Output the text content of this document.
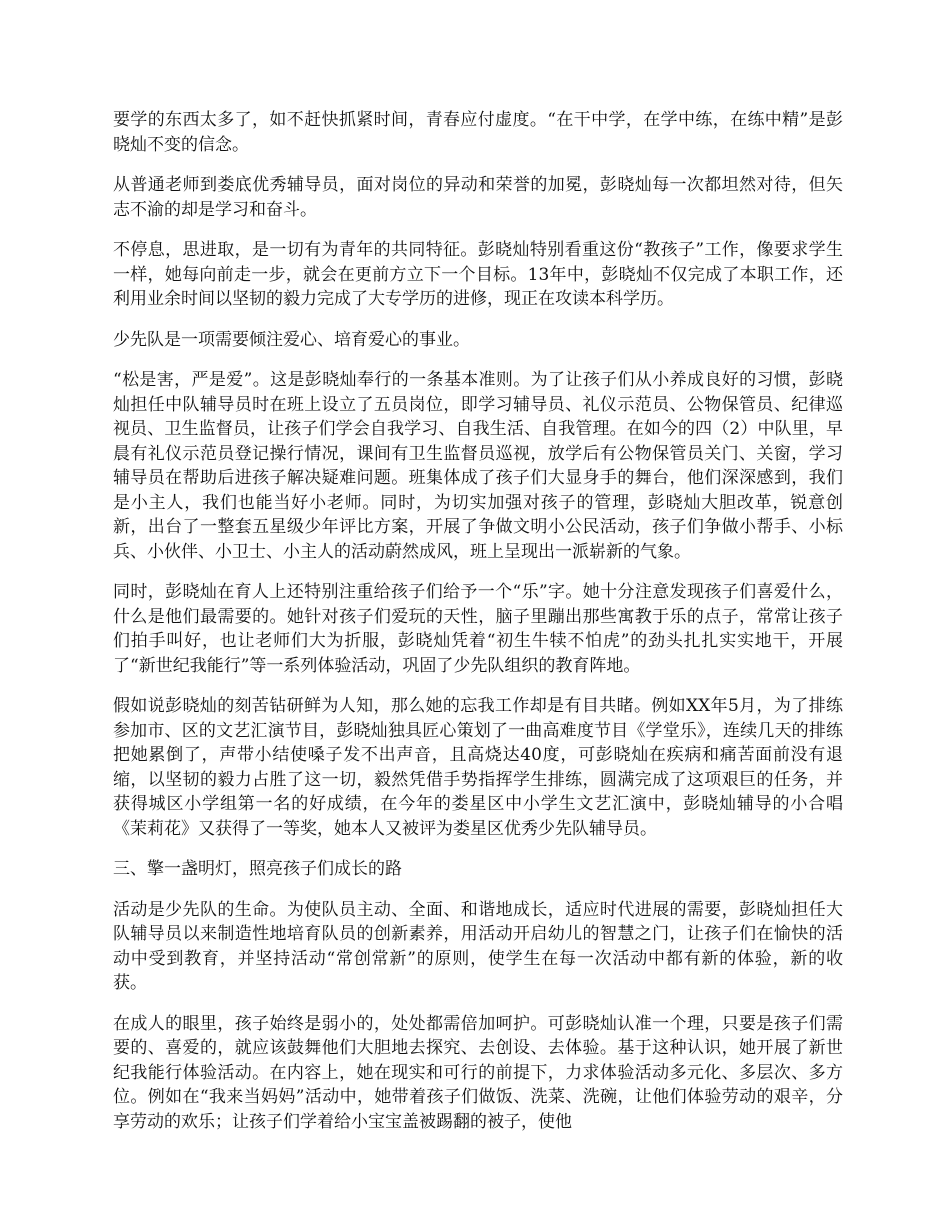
要学的东西太多了，如不赶快抓紧时间，青春应付虚度。“在干中学，在学中练，在练中精”是彭晓灿不变的信念。

从普通老师到娄底优秀辅导员，面对岗位的异动和荣誉的加冕，彭晓灿每一次都坦然对待，但矢志不渝的却是学习和奋斗。

不停息，思进取，是一切有为青年的共同特征。彭晓灿特别看重这份“教孩子”工作，像要求学生一样，她每向前走一步，就会在更前方立下一个目标。13年中，彭晓灿不仅完成了本职工作，还利用业余时间以坚韧的毅力完成了大专学历的进修，现正在攻读本科学历。

少先队是一项需要倾注爱心、培育爱心的事业。

“松是害，严是爱”。这是彭晓灿奉行的一条基本准则。为了让孩子们从小养成良好的习惯，彭晓灿担任中队辅导员时在班上设立了五员岗位，即学习辅导员、礼仪示范员、公物保管员、纪律巡视员、卫生监督员，让孩子们学会自我学习、自我生活、自我管理。在如今的四（2）中队里，早晨有礼仪示范员登记操行情况，课间有卫生监督员巡视，放学后有公物保管员关门、关窗，学习辅导员在帮助后进孩子解决疑难问题。班集体成了孩子们大显身手的舞台，他们深深感到，我们是小主人，我们也能当好小老师。同时，为切实加强对孩子的管理，彭晓灿大胆改革，锐意创新，出台了一整套五星级少年评比方案，开展了争做文明小公民活动，孩子们争做小帮手、小标兵、小伙伴、小卫士、小主人的活动蔚然成风，班上呈现出一派崭新的气象。

同时，彭晓灿在育人上还特别注重给孩子们给予一个“乐”字。她十分注意发现孩子们喜爱什么，什么是他们最需要的。她针对孩子们爱玩的天性，脑子里蹦出那些寓教于乐的点子，常常让孩子们拍手叫好，也让老师们大为折服，彭晓灿凭着“初生牛犊不怕虎”的劲头扎扎实实地干，开展了“新世纪我能行”等一系列体验活动，巩固了少先队组织的教育阵地。

假如说彭晓灿的刻苦钻研鲜为人知，那么她的忘我工作却是有目共睹。例如XX年5月，为了排练参加市、区的文艺汇演节目，彭晓灿独具匠心策划了一曲高难度节目《学堂乐》，连续几天的排练把她累倒了，声带小结使嗓子发不出声音，且高烧达40度，可彭晓灿在疾病和痛苦面前没有退缩，以坚韧的毅力占胜了这一切，毅然凭借手势指挥学生排练，圆满完成了这项艰巨的任务，并获得城区小学组第一名的好成绩，在今年的娄星区中小学生文艺汇演中，彭晓灿辅导的小合唱《茉莉花》又获得了一等奖，她本人又被评为娄星区优秀少先队辅导员。

三、擎一盏明灯，照亮孩子们成长的路

活动是少先队的生命。为使队员主动、全面、和谐地成长，适应时代进展的需要，彭晓灿担任大队辅导员以来制造性地培育队员的创新素养，用活动开启幼儿的智慧之门，让孩子们在愉快的活动中受到教育，并坚持活动“常创常新”的原则，使学生在每一次活动中都有新的体验，新的收获。

在成人的眼里，孩子始终是弱小的，处处都需倍加呵护。可彭晓灿认准一个理，只要是孩子们需要的、喜爱的，就应该鼓舞他们大胆地去探究、去创设、去体验。基于这种认识，她开展了新世纪我能行体验活动。在内容上，她在现实和可行的前提下，力求体验活动多元化、多层次、多方位。例如在“我来当妈妈”活动中，她带着孩子们做饭、洗菜、洗碗，让他们体验劳动的艰辛，分享劳动的欢乐；让孩子们学着给小宝宝盖被踢翻的被子，使他
